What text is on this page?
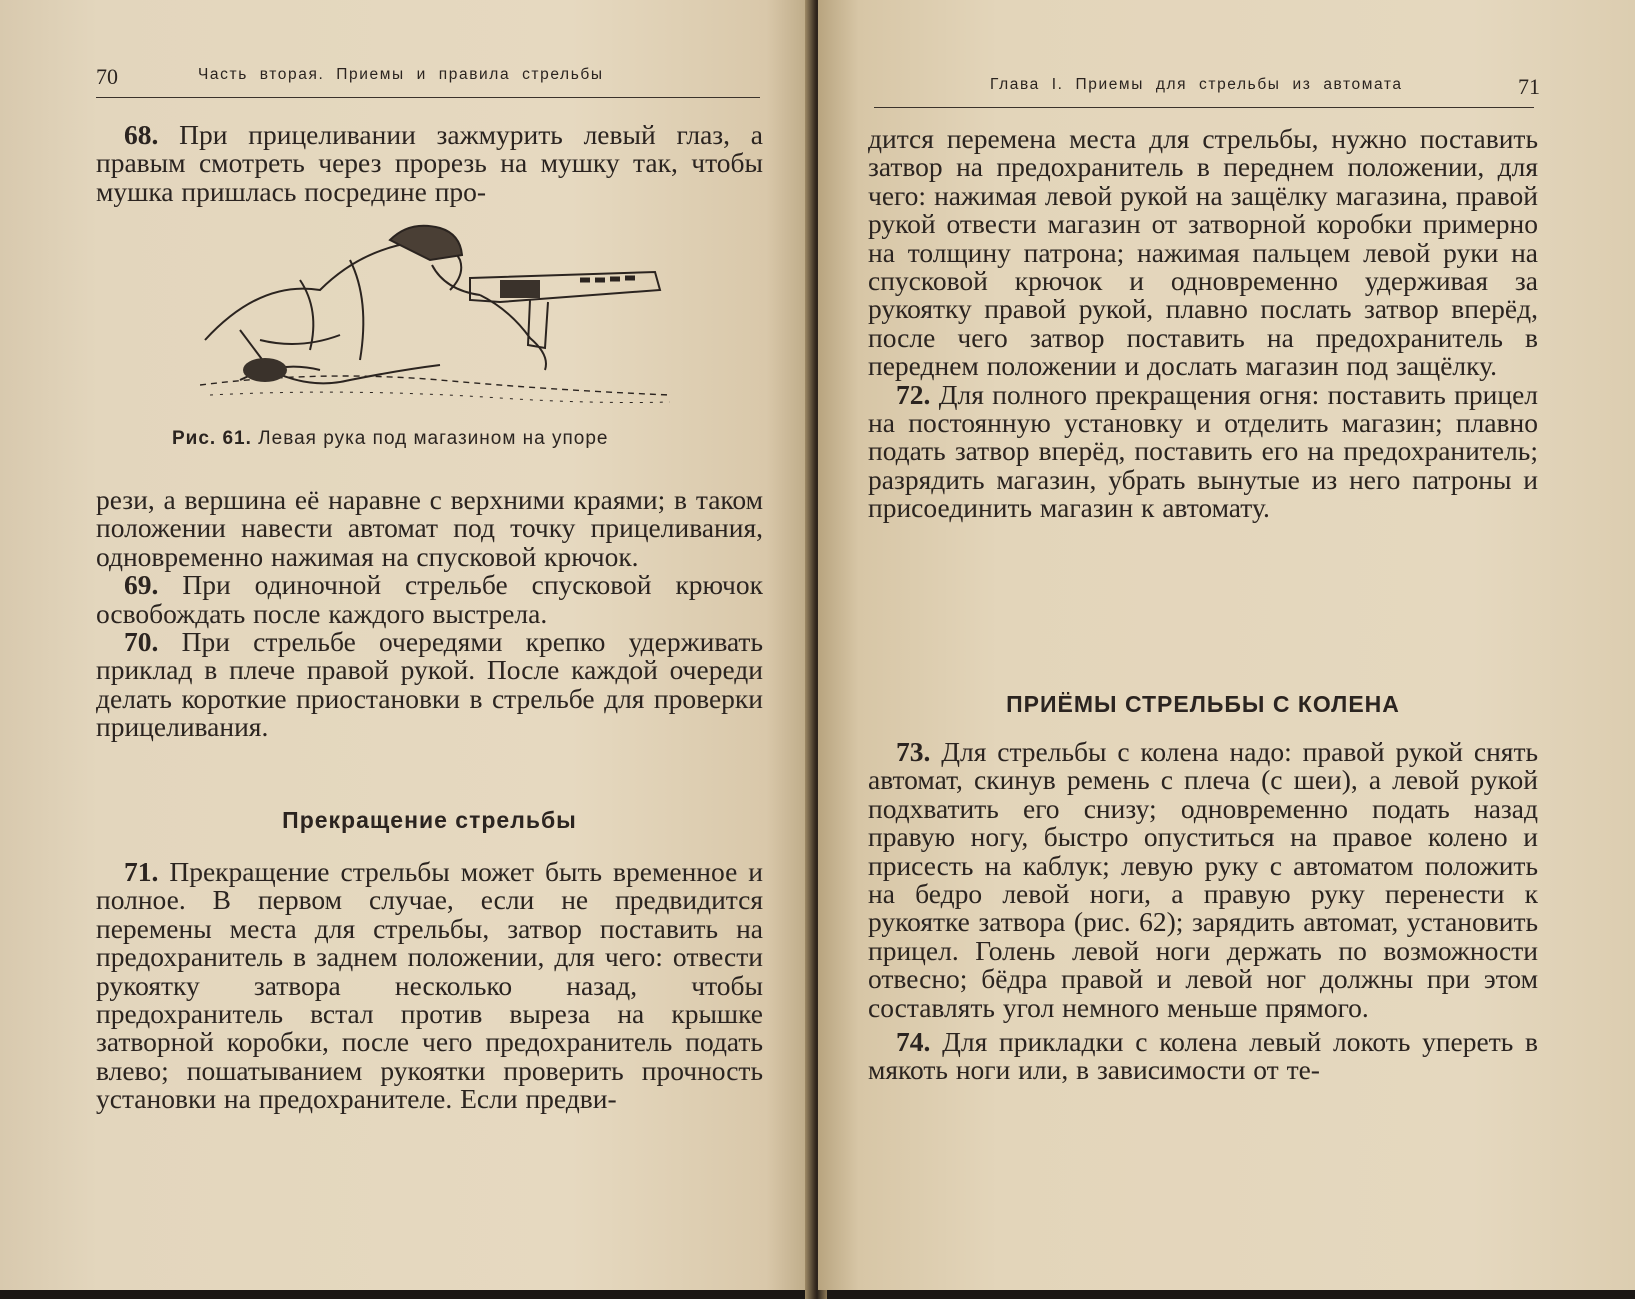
70	Часть вторая. Приемы и правила стрельбы

68. При прицеливании зажмурить левый глаз, а правым смотреть через прорезь на мушку так, чтобы мушка пришлась посредине про-

Рис. 61. Левая рука под магазином на упоре

рези, а вершина её наравне с верхними краями; в таком положении навести автомат под точку прицеливания, одновременно нажимая на спусковой крючок.

69. При одиночной стрельбе спусковой крючок освобождать после каждого выстрела.

70. При стрельбе очередями крепко удерживать приклад в плече правой рукой. После каждой очереди делать короткие приостановки в стрельбе для проверки прицеливания.

Прекращение стрельбы

71. Прекращение стрельбы может быть временное и полное. В первом случае, если не предвидится перемены места для стрельбы, затвор поставить на предохранитель в заднем положении, для чего: отвести рукоятку затвора несколько назад, чтобы предохранитель встал против выреза на крышке затворной коробки, после чего предохранитель подать влево; пошатыванием рукоятки проверить прочность установки на предохранителе. Если предви-

Глава I. Приемы для стрельбы из автомата	71

дится перемена места для стрельбы, нужно поставить затвор на предохранитель в переднем положении, для чего: нажимая левой рукой на защёлку магазина, правой рукой отвести магазин от затворной коробки примерно на толщину патрона; нажимая пальцем левой руки на спусковой крючок и одновременно удерживая за рукоятку правой рукой, плавно послать затвор вперёд, после чего затвор поставить на предохранитель в переднем положении и дослать магазин под защёлку.

72. Для полного прекращения огня: поставить прицел на постоянную установку и отделить магазин; плавно подать затвор вперёд, поставить его на предохранитель; разрядить магазин, убрать вынутые из него патроны и присоединить магазин к автомату.

ПРИЁМЫ СТРЕЛЬБЫ С КОЛЕНА

73. Для стрельбы с колена надо: правой рукой снять автомат, скинув ремень с плеча (с шеи), а левой рукой подхватить его снизу; одновременно подать назад правую ногу, быстро опуститься на правое колено и присесть на каблук; левую руку с автоматом положить на бедро левой ноги, а правую руку перенести к рукоятке затвора (рис. 62); зарядить автомат, установить прицел. Голень левой ноги держать по возможности отвесно; бёдра правой и левой ног должны при этом составлять угол немного меньше прямого.

74. Для прикладки с колена левый локоть упереть в мякоть ноги или, в зависимости от те-
